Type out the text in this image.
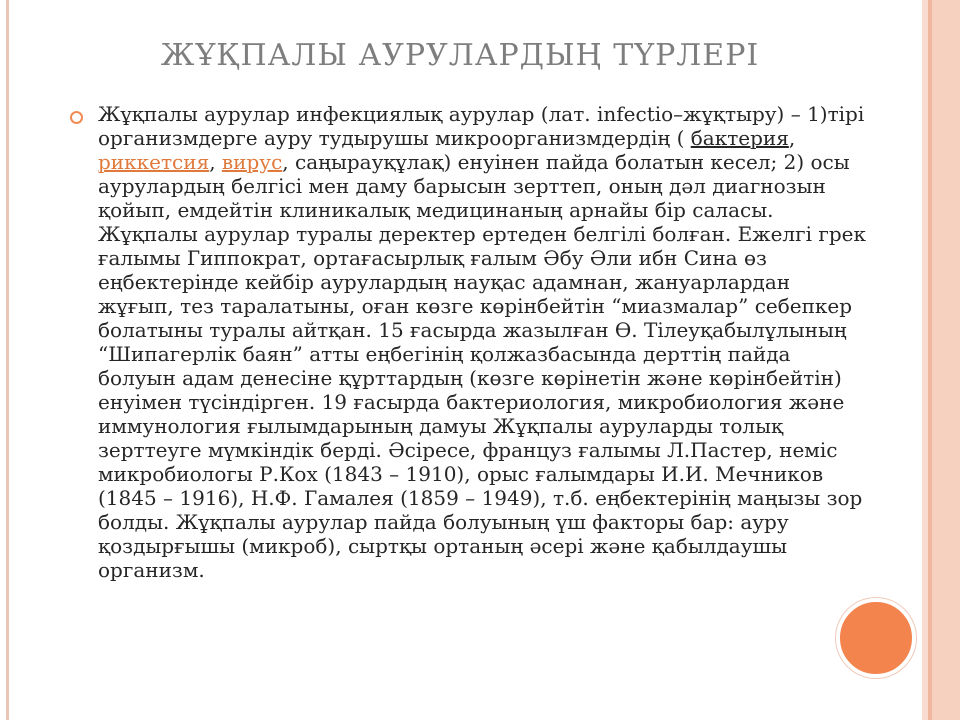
ЖҰҚПАЛЫ АУРУЛАРДЫҢ ТҮРЛЕРІ

Жұқпалы аурулар инфекциялық аурулар (лат. infectio–жұқтыру) – 1)тірі организмдерге ауру тудырушы микроорганизмдердің ( бактерия, риккетсия, вирус, саңырауқұлақ) енуінен пайда болатын кесел; 2) осы аурулардың белгісі мен даму барысын зерттеп, оның дәл диагнозын қойып, емдейтін клиникалық медицинаның арнайы бір саласы. Жұқпалы аурулар туралы деректер ертеден белгілі болған. Ежелгі грек ғалымы Гиппократ, ортағасырлық ғалым Әбу Әли ибн Сина өз еңбектерінде кейбір аурулардың науқас адамнан, жануарлардан жұғып, тез таралатыны, оған көзге көрінбейтін “миазмалар” себепкер болатыны туралы айтқан. 15 ғасырда жазылған Ө. Тілеуқабылұлының “Шипагерлік баян” атты еңбегінің қолжазбасында дерттің пайда болуын адам денесіне құрттардың (көзге көрінетін және көрінбейтін) енуімен түсіндірген. 19 ғасырда бактериология, микробиология және иммунология ғылымдарының дамуы Жұқпалы ауруларды толық зерттеуге мүмкіндік берді. Әсіресе, француз ғалымы Л.Пастер, неміс микробиологы Р.Кох (1843 – 1910), орыс ғалымдары И.И. Мечников (1845 – 1916), Н.Ф. Гамалея (1859 – 1949), т.б. еңбектерінің маңызы зор болды. Жұқпалы аурулар пайда болуының үш факторы бар: ауру қоздырғышы (микроб), сыртқы ортаның әсері және қабылдаушы организм.
